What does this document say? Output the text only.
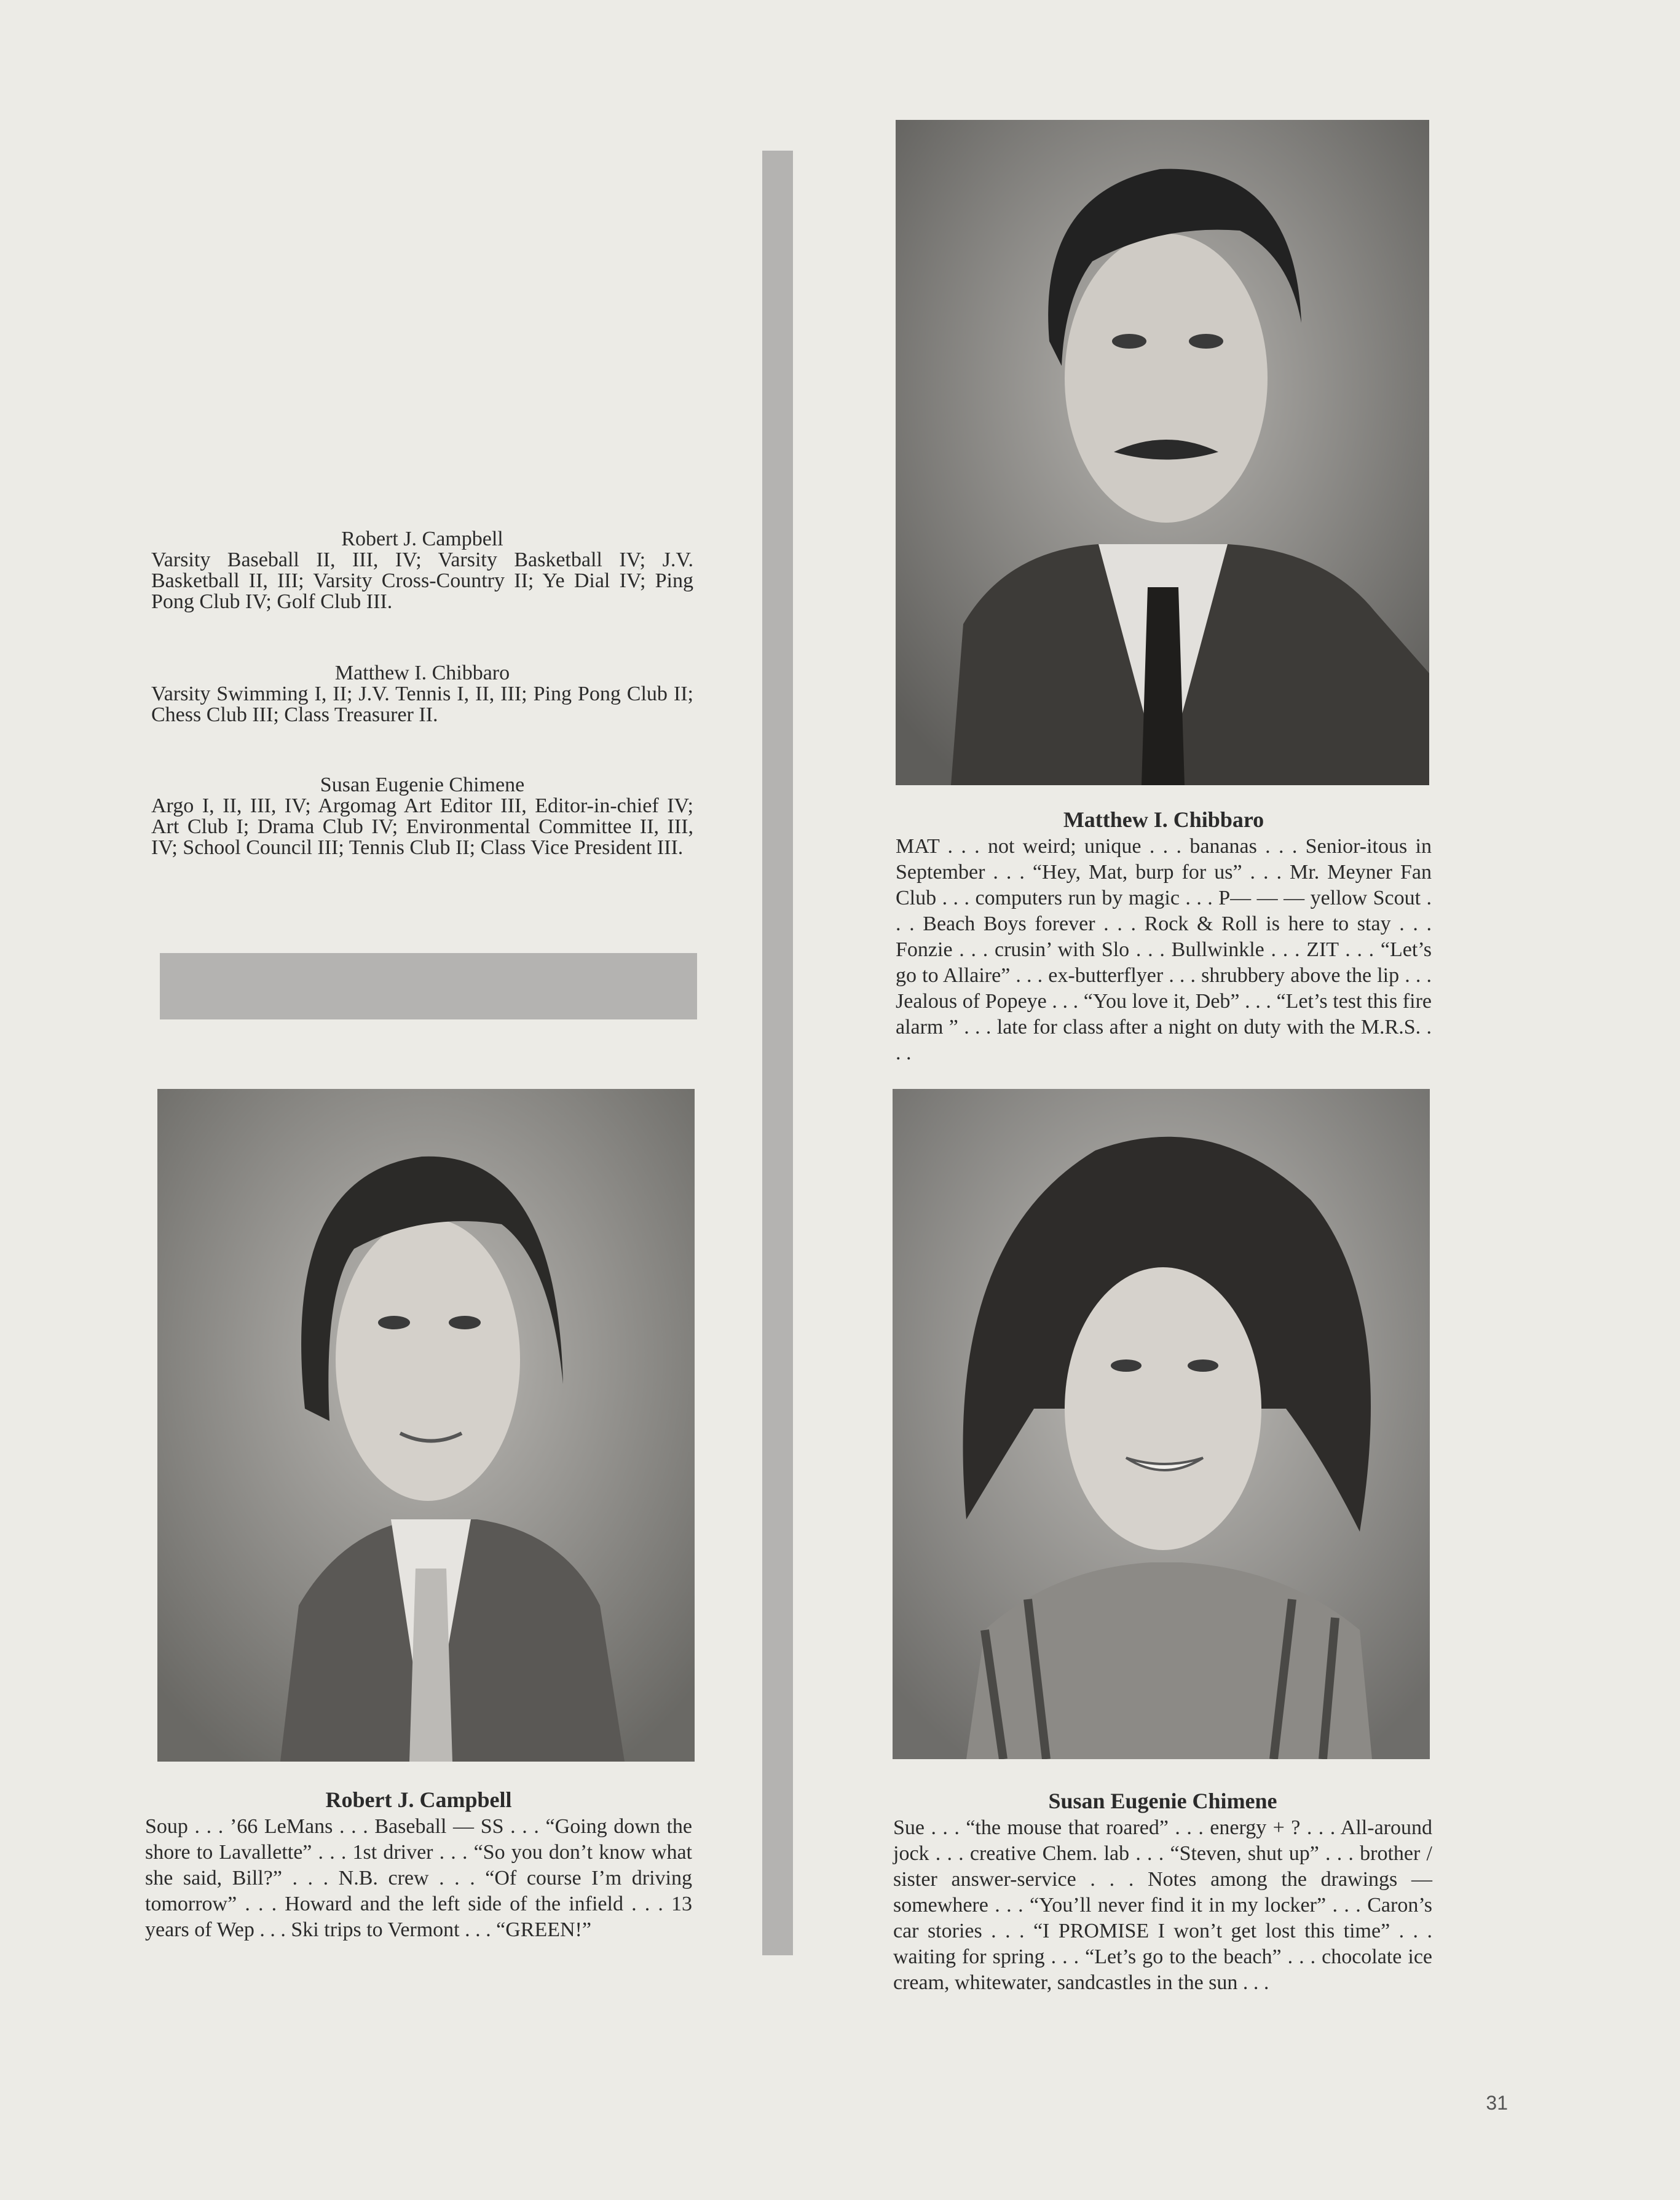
Robert J. Campbell
Varsity Baseball II, III, IV; Varsity Basketball IV; J.V. Basketball II, III; Varsity Cross-Country II; Ye Dial IV; Ping Pong Club IV; Golf Club III.
Matthew I. Chibbaro
Varsity Swimming I, II; J.V. Tennis I, II, III; Ping Pong Club II; Chess Club III; Class Treasurer II.
Susan Eugenie Chimene
Argo I, II, III, IV; Argomag Art Editor III, Editor-in-chief IV; Art Club I; Drama Club IV; Environmental Committee II, III, IV; School Council III; Tennis Club II; Class Vice President III.
Matthew I. Chibbaro
MAT . . . not weird; unique . . . bananas . . . Senior-itous in September . . . “Hey, Mat, burp for us” . . . Mr. Meyner Fan Club . . . computers run by magic . . . P— — — yellow Scout . . . Beach Boys forever . . . Rock & Roll is here to stay . . . Fonzie . . . crusin’ with Slo . . . Bullwinkle . . . ZIT . . . “Let’s go to Allaire” . . . ex-butterflyer . . . shrubbery above the lip . . . Jealous of Popeye . . . “You love it, Deb” . . . “Let’s test this fire alarm ” . . . late for class after a night on duty with the M.R.S. . . .
Robert J. Campbell
Soup . . . ’66 LeMans . . . Baseball — SS . . . “Going down the shore to Lavallette” . . . 1st driver . . . “So you don’t know what she said, Bill?” . . . N.B. crew . . . “Of course I’m driving tomorrow” . . . Howard and the left side of the infield . . . 13 years of Wep . . . Ski trips to Vermont . . . “GREEN!”
Susan Eugenie Chimene
Sue . . . “the mouse that roared” . . . energy + ? . . . All-around jock . . . creative Chem. lab . . . “Steven, shut up” . . . brother / sister answer-service . . . Notes among the drawings — somewhere . . . “You’ll never find it in my locker” . . . Caron’s car stories . . . “I PROMISE I won’t get lost this time” . . . waiting for spring . . . “Let’s go to the beach” . . . chocolate ice cream, whitewater, sandcastles in the sun . . .
31
